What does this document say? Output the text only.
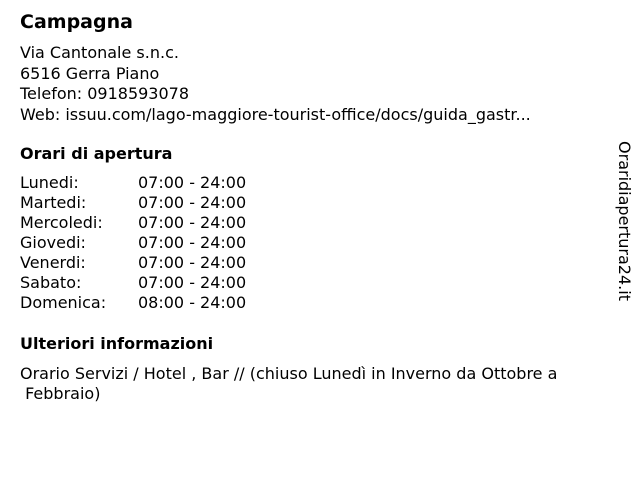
Campagna
Via Cantonale s.n.c.
6516 Gerra Piano
Telefon: 0918593078
Web: issuu.com/lago-maggiore-tourist-office/docs/guida_gastr...
Orari di apertura
Lunedi:	07:00 - 24:00
Martedi:	07:00 - 24:00
Mercoledi: 07:00 - 24:00
Giovedi:	07:00 - 24:00
Venerdi:	07:00 - 24:00
Sabato:	07:00 - 24:00
Domenica: 08:00 - 24:00
Ulteriori informazioni
Orario Servizi / Hotel , Bar // (chiuso Lunedì in Inverno da Ottobre a
Febbraio)
Oraridiapertura24.it
